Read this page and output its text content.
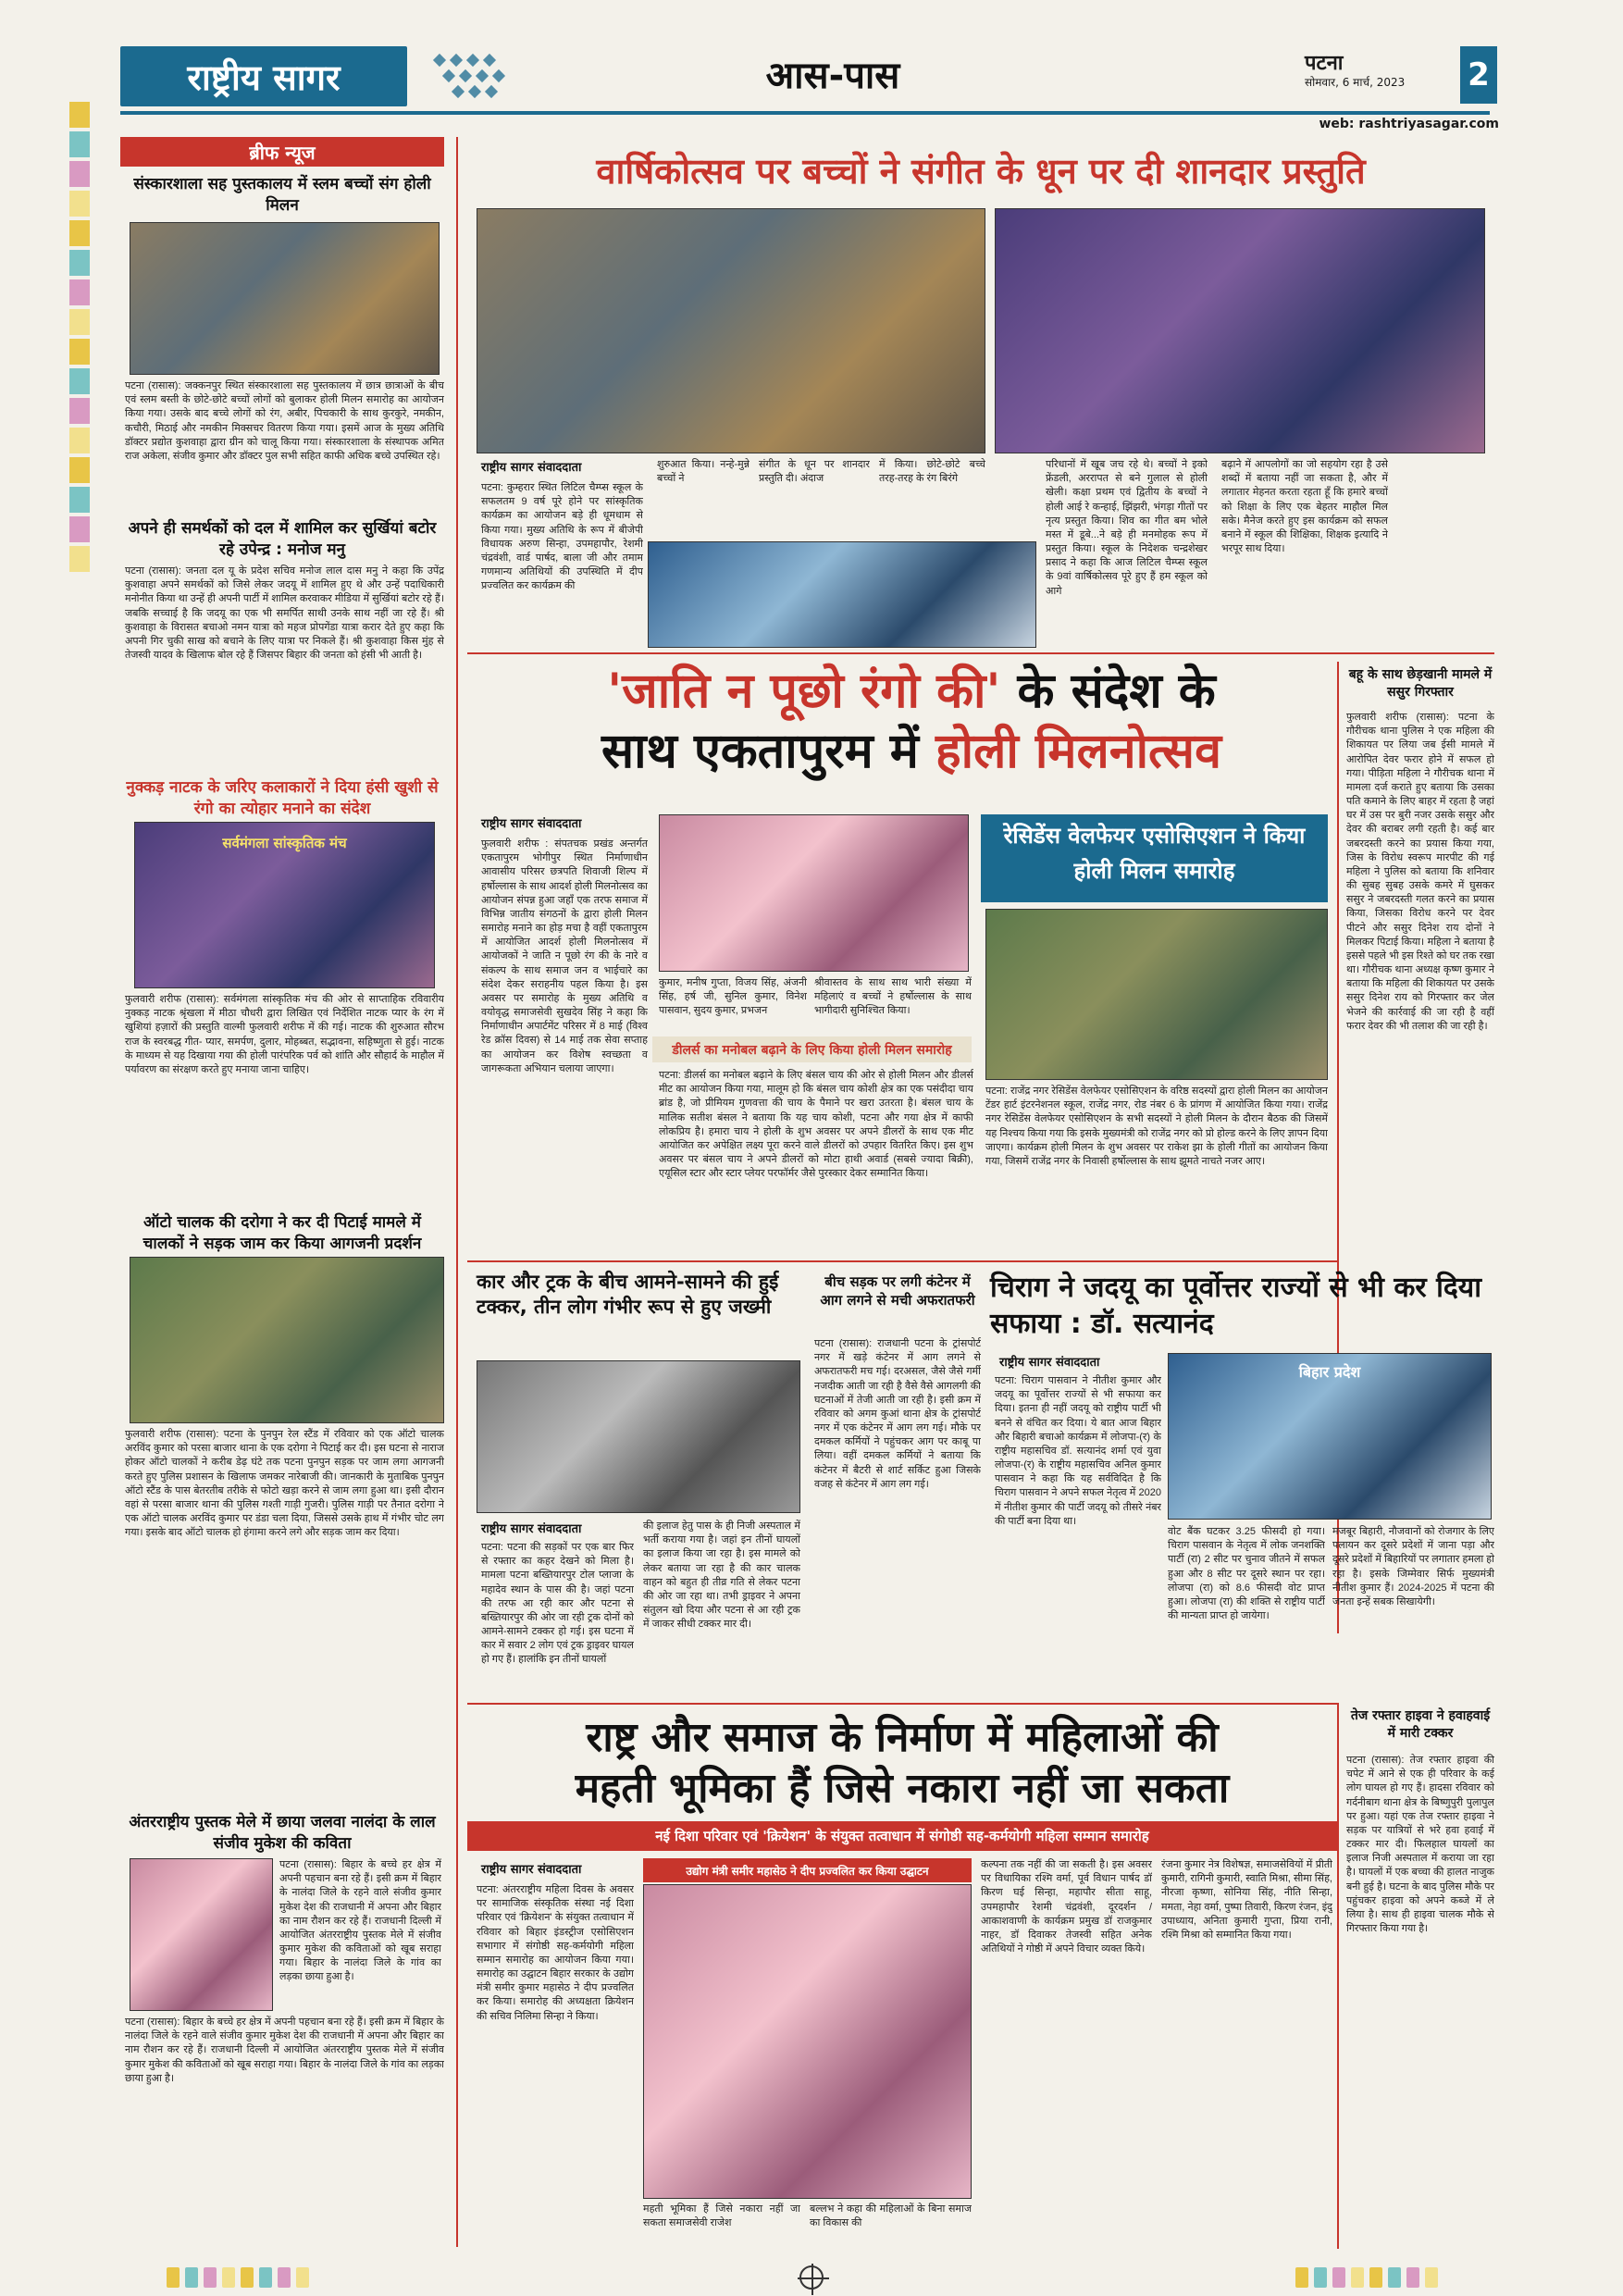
राष्ट्रीय सागर	आस-पास	पटना
सोमवार, 6 मार्च, 2023	2
web: rashtriyasagar.com
ब्रीफ न्यूज
संस्कारशाला सह पुस्तकालय में स्लम बच्चों संग होली मिलन
पटना (रासास): जक्कनपुर स्थित संस्कारशाला सह पुस्तकालय में छात्र छात्राओं के बीच एवं स्लम बस्ती के छोटे-छोटे बच्चों लोगों को बुलाकर होली मिलन समारोह का आयोजन किया गया। उसके बाद बच्चे लोगों को रंग, अबीर, पिचकारी के साथ कुरकुरे, नमकीन, कचौरी, मिठाई और नमकीन मिक्सचर वितरण किया गया। इसमें आज के मुख्य अतिथि डॉक्टर प्रद्योत कुशवाहा द्वारा ग्रीन को चालू किया गया। संस्कारशाला के संस्थापक अमित राज अकेला, संजीव कुमार और डॉक्टर पुल सभी सहित काफी अधिक बच्चे उपस्थित रहे।
अपने ही समर्थकों को दल में शामिल कर सुर्खियां बटोर रहे उपेन्द्र : मनोज मनु
पटना (रासास): जनता दल यू के प्रदेश सचिव मनोज लाल दास मनु ने कहा कि उपेंद्र कुशवाहा अपने समर्थकों को जिसे लेकर जदयू में शामिल हुए थे और उन्हें पदाधिकारी मनोनीत किया था उन्हें ही अपनी पार्टी में शामिल करवाकर मीडिया में सुर्खियां बटोर रहे हैं। जबकि सच्चाई है कि जदयू का एक भी समर्पित साथी उनके साथ नहीं जा रहे हैं। श्री कुशवाहा के विरासत बचाओ नमन यात्रा को महज प्रोपगेंडा यात्रा करार देते हुए कहा कि अपनी गिर चुकी साख को बचाने के लिए यात्रा पर निकले हैं। श्री कुशवाहा किस मुंह से तेजस्वी यादव के खिलाफ बोल रहे हैं जिसपर बिहार की जनता को हंसी भी आती है।
नुक्कड़ नाटक के जरिए कलाकारों ने दिया हंसी खुशी से रंगो का त्योहार मनाने का संदेश
सर्वमंगला सांस्कृतिक मंच
फुलवारी शरीफ (रासास): सर्वमंगला सांस्कृतिक मंच की ओर से साप्ताहिक रविवारीय नुक्कड़ नाटक श्रृंखला में मीठा चौधरी द्वारा लिखित एवं निर्देशित नाटक प्यार के रंग में खुशियां हज़ारों की प्रस्तुति वाल्मी फुलवारी शरीफ में की गई। नाटक की शुरुआत सौरभ राज के स्वरबद्ध गीत- प्यार, समर्पण, दुलार, मोहब्बत, सद्भावना, सहिष्णुता से हुई। नाटक के माध्यम से यह दिखाया गया की होली पारंपरिक पर्व को शांति और सौहार्द के माहौल में पर्यावरण का संरक्षण करते हुए मनाया जाना चाहिए।
ऑटो चालक की दरोगा ने कर दी पिटाई मामले में चालकों ने सड़क जाम कर किया आगजनी प्रदर्शन
फुलवारी शरीफ (रासास): पटना के पुनपुन रेल स्टैंड में रविवार को एक ऑटो चालक अरविंद कुमार को परसा बाजार थाना के एक दरोगा ने पिटाई कर दी। इस घटना से नाराज होकर ऑटो चालकों ने करीब डेढ़ घंटे तक पटना पुनपुन सड़क पर जाम लगा आगजनी करते हुए पुलिस प्रशासन के खिलाफ जमकर नारेबाजी की। जानकारी के मुताबिक पुनपुन ऑटो स्टैंड के पास बेतरतीब तरीके से फोटो खड़ा करने से जाम लगा हुआ था। इसी दौरान वहां से परसा बाजार थाना की पुलिस गश्ती गाड़ी गुजरी। पुलिस गाड़ी पर तैनात दरोगा ने एक ऑटो चालक अरविंद कुमार पर डंडा चला दिया, जिससे उसके हाथ में गंभीर चोट लग गया। इसके बाद ऑटो चालक हो हंगामा करने लगे और सड़क जाम कर दिया।
अंतरराष्ट्रीय पुस्तक मेले में छाया जलवा नालंदा के लाल संजीव मुकेश की कविता
पटना (रासास): बिहार के बच्चे हर क्षेत्र में अपनी पहचान बना रहे हैं। इसी क्रम में बिहार के नालंदा जिले के रहने वाले संजीव कुमार मुकेश देश की राजधानी में अपना और बिहार का नाम रौशन कर रहे हैं। राजधानी दिल्ली में आयोजित अंतरराष्ट्रीय पुस्तक मेले में संजीव कुमार मुकेश की कविताओं को खूब सराहा गया। बिहार के नालंदा जिले के गांव का लड़का छाया हुआ है।
पटना (रासास): बिहार के बच्चे हर क्षेत्र में अपनी पहचान बना रहे हैं। इसी क्रम में बिहार के नालंदा जिले के रहने वाले संजीव कुमार मुकेश देश की राजधानी में अपना और बिहार का नाम रौशन कर रहे हैं। राजधानी दिल्ली में आयोजित अंतरराष्ट्रीय पुस्तक मेले में संजीव कुमार मुकेश की कविताओं को खूब सराहा गया। बिहार के नालंदा जिले के गांव का लड़का छाया हुआ है।
वार्षिकोत्सव पर बच्चों ने संगीत के धून पर दी शानदार प्रस्तुति
राष्ट्रीय सागर संवाददाता
पटना: कुम्हरार स्थित लिटिल चैम्प्स स्कूल के सफलतम 9 वर्ष पूरे होने पर सांस्कृतिक कार्यक्रम का आयोजन बड़े ही धूमधाम से किया गया। मुख्य अतिथि के रूप में बीजेपी विधायक अरुण सिन्हा, उपमहापौर, रेशमी चंद्रवंशी, वार्ड पार्षद, बाला जी और तमाम गणमान्य अतिथियों की उपस्थिति में दीप प्रज्वलित कर कार्यक्रम की
शुरुआत किया। नन्हे-मुन्ने बच्चों ने
संगीत के धून पर शानदार प्रस्तुति दी। अंदाज
में किया। छोटे-छोटे बच्चे तरह-तरह के रंग बिरंगे
परिधानों में खूब जच रहे थे। बच्चों ने इको फ्रेंडली, अररापत से बने गुलाल से होली खेली। कक्षा प्रथम एवं द्वितीय के बच्चों ने होली आई रे कन्हाई, झिंझरी, भंगड़ा गीतों पर नृत्य प्रस्तुत किया। शिव का गीत बम भोले मस्त में डूबे...ने बड़े ही मनमोहक रूप में प्रस्तुत किया। स्कूल के निदेशक चन्द्रशेखर प्रसाद ने कहा कि आज लिटिल चैम्प्स स्कूल के 9वां वार्षिकोत्सव पूरे हुए हैं हम स्कूल को आगे
बढ़ाने में आपलोगों का जो सहयोग रहा है उसे शब्दों में बताया नहीं जा सकता है, और में लगातार मेहनत करता रहता हूँ कि हमारे बच्चों को शिक्षा के लिए एक बेहतर माहौल मिल सके। मैनेज करते हुए इस कार्यक्रम को सफल बनाने में स्कूल की शिक्षिका, शिक्षक इत्यादि ने भरपूर साथ दिया।
'जाति न पूछो रंगो की' के संदेश के
साथ एकतापुरम में होली मिलनोत्सव
राष्ट्रीय सागर संवाददाता
फुलवारी शरीफ : संपतचक प्रखंड अन्तर्गत एकतापुरम भोगीपुर स्थित निर्माणाधीन आवासीय परिसर छत्रपति शिवाजी शिल्प में हर्षोल्लास के साथ आदर्श होली मिलनोत्सव का आयोजन संपन्न हुआ जहाँ एक तरफ समाज में विभिन्न जातीय संगठनों के द्वारा होली मिलन समारोह मनाने का होड़ मचा है वहीं एकतापुरम में आयोजित आदर्श होली मिलनोत्सव में आयोजकों ने जाति न पूछो रंग की के नारे व संकल्प के साथ समाज जन व भाईचारे का संदेश देकर सराहनीय पहल किया है। इस अवसर पर समारोह के मुख्य अतिथि व वयोवृद्ध समाजसेवी सुखदेव सिंह ने कहा कि निर्माणाधीन अपार्टमेंट परिसर में 8 माई (विश्व रेड क्रॉस दिवस) से 14 माई तक सेवा सप्ताह का आयोजन कर विशेष स्वच्छता व जागरूकता अभियान चलाया जाएगा।
कुमार, मनीष गुप्ता, विजय सिंह, अंजनी सिंह, हर्ष जी, सुनिल कुमार, विनेश पासवान, सुदय कुमार, प्रभजन
श्रीवास्तव के साथ साथ भारी संख्या में महिलाएं व बच्चों ने हर्षोल्लास के साथ भागीदारी सुनिश्चित किया।
डीलर्स का मनोबल बढ़ाने के लिए किया होली मिलन समारोह
पटना: डीलर्स का मनोबल बढ़ाने के लिए बंसल चाय की ओर से होली मिलन और डीलर्स मीट का आयोजन किया गया, मालूम हो कि बंसल चाय कोशी क्षेत्र का एक पसंदीदा चाय ब्रांड है, जो प्रीमियम गुणवत्ता की चाय के पैमाने पर खरा उतरता है। बंसल चाय के मालिक सतीश बंसल ने बताया कि यह चाय कोशी, पटना और गया क्षेत्र में काफी लोकप्रिय है। हमारा चाय ने होली के शुभ अवसर पर अपने डीलरों के साथ एक मीट आयोजित कर अपेक्षित लक्ष्य पूरा करने वाले डीलरों को उपहार वितरित किए। इस शुभ अवसर पर बंसल चाय ने अपने डीलरों को मोटा हाथी अवार्ड (सबसे ज्यादा बिक्री), एयूसिल स्टार और स्टार प्लेयर परफॉर्मर जैसे पुरस्कार देकर सम्मानित किया।
रेसिडेंस वेलफेयर एसोसिएशन ने किया होली मिलन समारोह
पटना: राजेंद्र नगर रेसिडेंस वेलफेयर एसोसिएशन के वरिष्ठ सदस्यों द्वारा होली मिलन का आयोजन टेंडर हार्ट इंटरनेशनल स्कूल, राजेंद्र नगर, रोड नंबर 6 के प्रांगण में आयोजित किया गया। राजेंद्र नगर रेसिडेंस वेलफेयर एसोसिएशन के सभी सदस्यों ने होली मिलन के दौरान बैठक की जिसमें यह निश्चय किया गया कि इसके मुख्यमंत्री को राजेंद्र नगर को प्रो होल्ड करने के लिए ज्ञापन दिया जाएगा। कार्यक्रम होली मिलन के शुभ अवसर पर राकेश झा के होली गीतों का आयोजन किया गया, जिसमें राजेंद्र नगर के निवासी हर्षोल्लास के साथ झूमते नाचते नजर आए।
बहू के साथ छेड़खानी मामले में ससुर गिरफ्तार
फुलवारी शरीफ (रासास): पटना के गौरीचक थाना पुलिस ने एक महिला की शिकायत पर लिया जब ईसी मामले में आरोपित देवर फरार होने में सफल हो गया। पीड़िता महिला ने गौरीचक थाना में मामला दर्ज कराते हुए बताया कि उसका पति कमाने के लिए बाहर में रहता है जहां घर में उस पर बुरी नजर उसके ससुर और देवर की बराबर लगी रहती है। कई बार जबरदस्ती करने का प्रयास किया गया, जिस के विरोध स्वरूप मारपीट की गई महिला ने पुलिस को बताया कि शनिवार की सुबह सुबह उसके कमरे में घुसकर ससुर ने जबरदस्ती गलत करने का प्रयास किया, जिसका विरोध करने पर देवर पीटने और ससुर दिनेश राय दोनों ने मिलकर पिटाई किया। महिला ने बताया है इससे पहले भी इस रिश्ते को घर तक रखा था। गौरीचक थाना अध्यक्ष कृष्ण कुमार ने बताया कि महिला की शिकायत पर उसके ससुर दिनेश राय को गिरफ्तार कर जेल भेजने की कार्रवाई की जा रही है वहीं फरार देवर की भी तलाश की जा रही है।
कार और ट्रक के बीच आमने-सामने की हुई टक्कर, तीन लोग गंभीर रूप से हुए जख्मी
राष्ट्रीय सागर संवाददाता
पटना: पटना की सड़कों पर एक बार फिर से रफ्तार का कहर देखने को मिला है। मामला पटना बख्तियारपुर टोल प्लाजा के महादेव स्थान के पास की है। जहां पटना की तरफ आ रही कार और पटना से बख्तियारपुर की ओर जा रही ट्रक दोनों को आमने-सामने टक्कर हो गई। इस घटना में कार में सवार 2 लोग एवं ट्रक ड्राइवर घायल हो गए हैं। हालांकि इन तीनों घायलों
की इलाज हेतु पास के ही निजी अस्पताल में भर्ती कराया गया है। जहां इन तीनों घायलों का इलाज किया जा रहा है। इस मामले को लेकर बताया जा रहा है की कार चालक वाहन को बहुत ही तीव्र गति से लेकर पटना की ओर जा रहा था। तभी ड्राइवर ने अपना संतुलन खो दिया और पटना से आ रही ट्रक में जाकर सीधी टक्कर मार दी।
बीच सड़क पर लगी कंटेनर में आग लगने से मची अफरातफरी
पटना (रासास): राजधानी पटना के ट्रांसपोर्ट नगर में खड़े कंटेनर में आग लगने से अफरातफरी मच गई। दरअसल, जैसे जैसे गर्मी नजदीक आती जा रही है वैसे वैसे आगलगी की घटनाओं में तेजी आती जा रही है। इसी क्रम में रविवार को अगम कुआं थाना क्षेत्र के ट्रांसपोर्ट नगर में एक कंटेनर में आग लग गई। मौके पर दमकल कर्मियों ने पहुंचकर आग पर काबू पा लिया। वहीं दमकल कर्मियों ने बताया कि कंटेनर में बैटरी से शार्ट सर्किट हुआ जिसके वजह से कंटेनर में आग लग गई।
चिराग ने जदयू का पूर्वोत्तर राज्यों से भी कर दिया सफाया : डॉ. सत्यानंद
राष्ट्रीय सागर संवाददाता
पटना: चिराग पासवान ने नीतीश कुमार और जदयू का पूर्वोत्तर राज्यों से भी सफाया कर दिया। इतना ही नहीं जदयू को राष्ट्रीय पार्टी भी बनने से वंचित कर दिया। ये बात आज बिहार और बिहारी बचाओ कार्यक्रम में लोजपा-(र) के राष्ट्रीय महासचिव डॉ. सत्यानंद शर्मा एवं युवा लोजपा-(र) के राष्ट्रीय महासचिव अनिल कुमार पासवान ने कहा कि यह सर्वविदित है कि चिराग पासवान ने अपने सफल नेतृत्व में 2020 में नीतीश कुमार की पार्टी जदयू को तीसरे नंबर की पार्टी बना दिया था।
बिहार प्रदेश
वोट बैंक घटकर 3.25 फीसदी हो गया। चिराग पासवान के नेतृत्व में लोक जनशक्ति पार्टी (रा) 2 सीट पर चुनाव जीतने में सफल हुआ और 8 सीट पर दूसरे स्थान पर रहा। लोजपा (रा) को 8.6 फीसदी वोट प्राप्त हुआ। लोजपा (रा) की शक्ति से राष्ट्रीय पार्टी की मान्यता प्राप्त हो जायेगा।
मजबूर बिहारी, नौजवानों को रोजगार के लिए पलायन कर दूसरे प्रदेशों में जाना पड़ा और दूसरे प्रदेशों में बिहारियों पर लगातार हमला हो रहा है। इसके जिम्मेवार सिर्फ मुख्यमंत्री नीतीश कुमार हैं। 2024-2025 में पटना की जनता इन्हें सबक सिखायेगी।
तेज रफ्तार हाइवा ने हवाहवाई में मारी टक्कर
पटना (रासास): तेज रफ्तार हाइवा की चपेट में आने से एक ही परिवार के कई लोग घायल हो गए हैं। हादसा रविवार को गर्दनीबाग थाना क्षेत्र के बिष्णुपुरी पुलापुल पर हुआ। यहां एक तेज रफ्तार हाइवा ने सड़क पर यात्रियों से भरे हवा हवाई में टक्कर मार दी। फिलहाल घायलों का इलाज निजी अस्पताल में कराया जा रहा है। घायलों में एक बच्चा की हालत नाजुक बनी हुई है। घटना के बाद पुलिस मौके पर पहुंचकर हाइवा को अपने कब्जे में ले लिया है। साथ ही हाइवा चालक मौके से गिरफ्तार किया गया है।
राष्ट्र और समाज के निर्माण में महिलाओं की
महती भूमिका हैं जिसे नकारा नहीं जा सकता
नई दिशा परिवार एवं 'क्रियेशन' के संयुक्त तत्वाधान में संगोष्ठी सह-कर्मयोगी महिला सम्मान समारोह
राष्ट्रीय सागर संवाददाता
पटना: अंतरराष्ट्रीय महिला दिवस के अवसर पर सामाजिक संस्कृतिक संस्था नई दिशा परिवार एवं 'क्रियेशन' के संयुक्त तत्वाधान में रविवार को बिहार इंडस्ट्रीज एसोसिएशन सभागार में संगोष्ठी सह-कर्मयोगी महिला सम्मान समारोह का आयोजन किया गया। समारोह का उद्घाटन बिहार सरकार के उद्योग मंत्री समीर कुमार महासेठ ने दीप प्रज्वलित कर किया। समारोह की अध्यक्षता क्रियेशन की सचिव निलिमा सिन्हा ने किया।
उद्योग मंत्री समीर महासेठ ने दीप प्रज्वलित कर किया उद्घाटन
महती भूमिका हैं जिसे नकारा नहीं जा सकता समाजसेवी राजेश
बल्लभ ने कहा की महिलाओं के बिना समाज का विकास की
कल्पना तक नहीं की जा सकती है। इस अवसर पर विधायिका रश्मि वर्मा, पूर्व विधान पार्षद डॉ किरण घई सिन्हा, महापौर सीता साहू, उपमहापौर रेशमी चंद्रवंशी, दूरदर्शन / आकाशवाणी के कार्यक्रम प्रमुख डॉ राजकुमार नाहर, डॉ दिवाकर तेजस्वी सहित अनेक अतिथियों ने गोष्ठी में अपने विचार व्यक्त किये।
रंजना कुमार नेत्र विशेषज्ञ, समाजसेवियों में प्रीती कुमारी, रागिनी कुमारी, स्वाति मिश्रा, सीमा सिंह, नीरजा कृष्णा, सोनिया सिंह, नीति सिन्हा, ममता, नेहा वर्मा, पुष्पा तिवारी, किरण रंजन, इंदु उपाध्याय, अनिता कुमारी गुप्ता, प्रिया रानी, रश्मि मिश्रा को सम्मानित किया गया।
